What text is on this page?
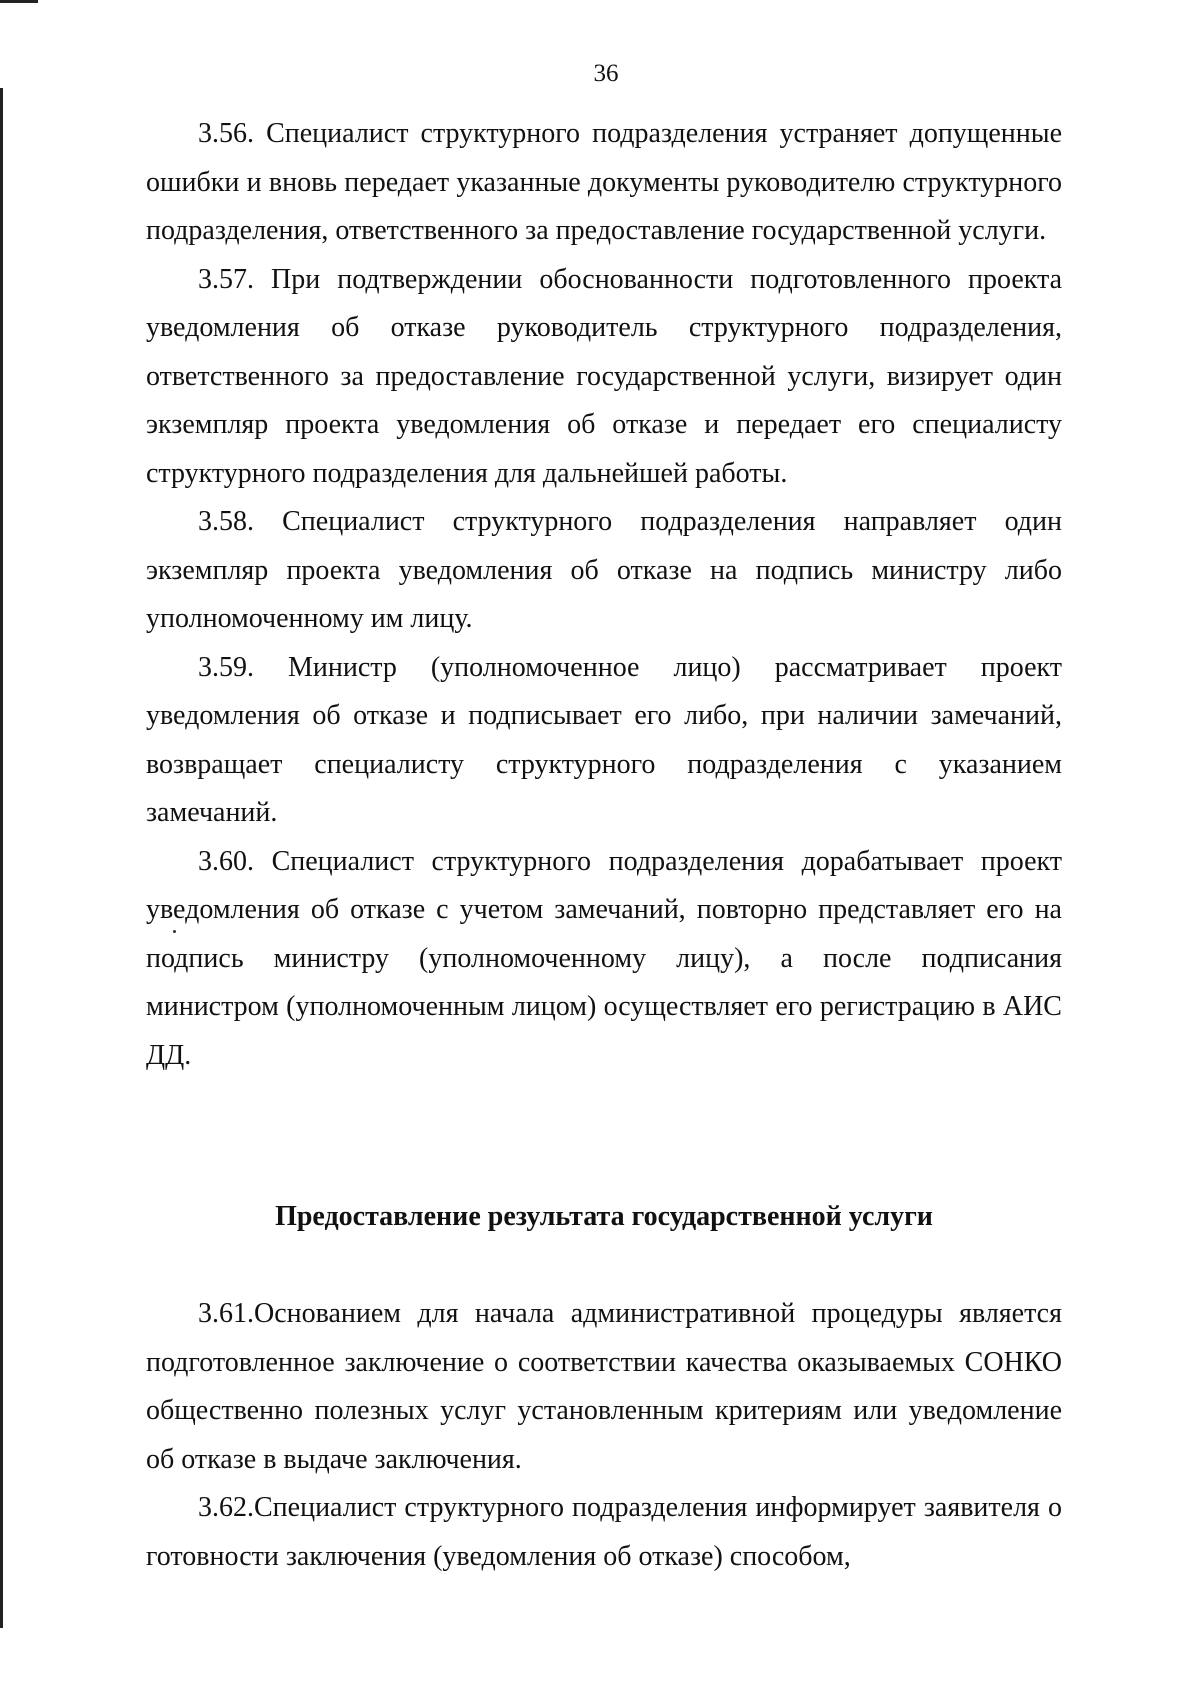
36

3.56. Специалист структурного подразделения устраняет допущенные ошибки и вновь передает указанные документы руководителю структурного подразделения, ответственного за предоставление государственной услуги.

3.57. При подтверждении обоснованности подготовленного проекта уведомления об отказе руководитель структурного подразделения, ответственного за предоставление государственной услуги, визирует один экземпляр проекта уведомления об отказе и передает его специалисту структурного подразделения для дальнейшей работы.

3.58. Специалист структурного подразделения направляет один экземпляр проекта уведомления об отказе на подпись министру либо уполномоченному им лицу.

3.59. Министр (уполномоченное лицо) рассматривает проект уведомления об отказе и подписывает его либо, при наличии замечаний, возвращает специалисту структурного подразделения с указанием замечаний.

3.60. Специалист структурного подразделения дорабатывает проект уведомления об отказе с учетом замечаний, повторно представляет его на подпись министру (уполномоченному лицу), а после подписания министром (уполномоченным лицом) осуществляет его регистрацию в АИС ДД.

Предоставление результата государственной услуги

3.61.Основанием для начала административной процедуры является подготовленное заключение о соответствии качества оказываемых СОНКО общественно полезных услуг установленным критериям или уведомление об отказе в выдаче заключения.

3.62.Специалист структурного подразделения информирует заявителя о готовности заключения (уведомления об отказе) способом,
